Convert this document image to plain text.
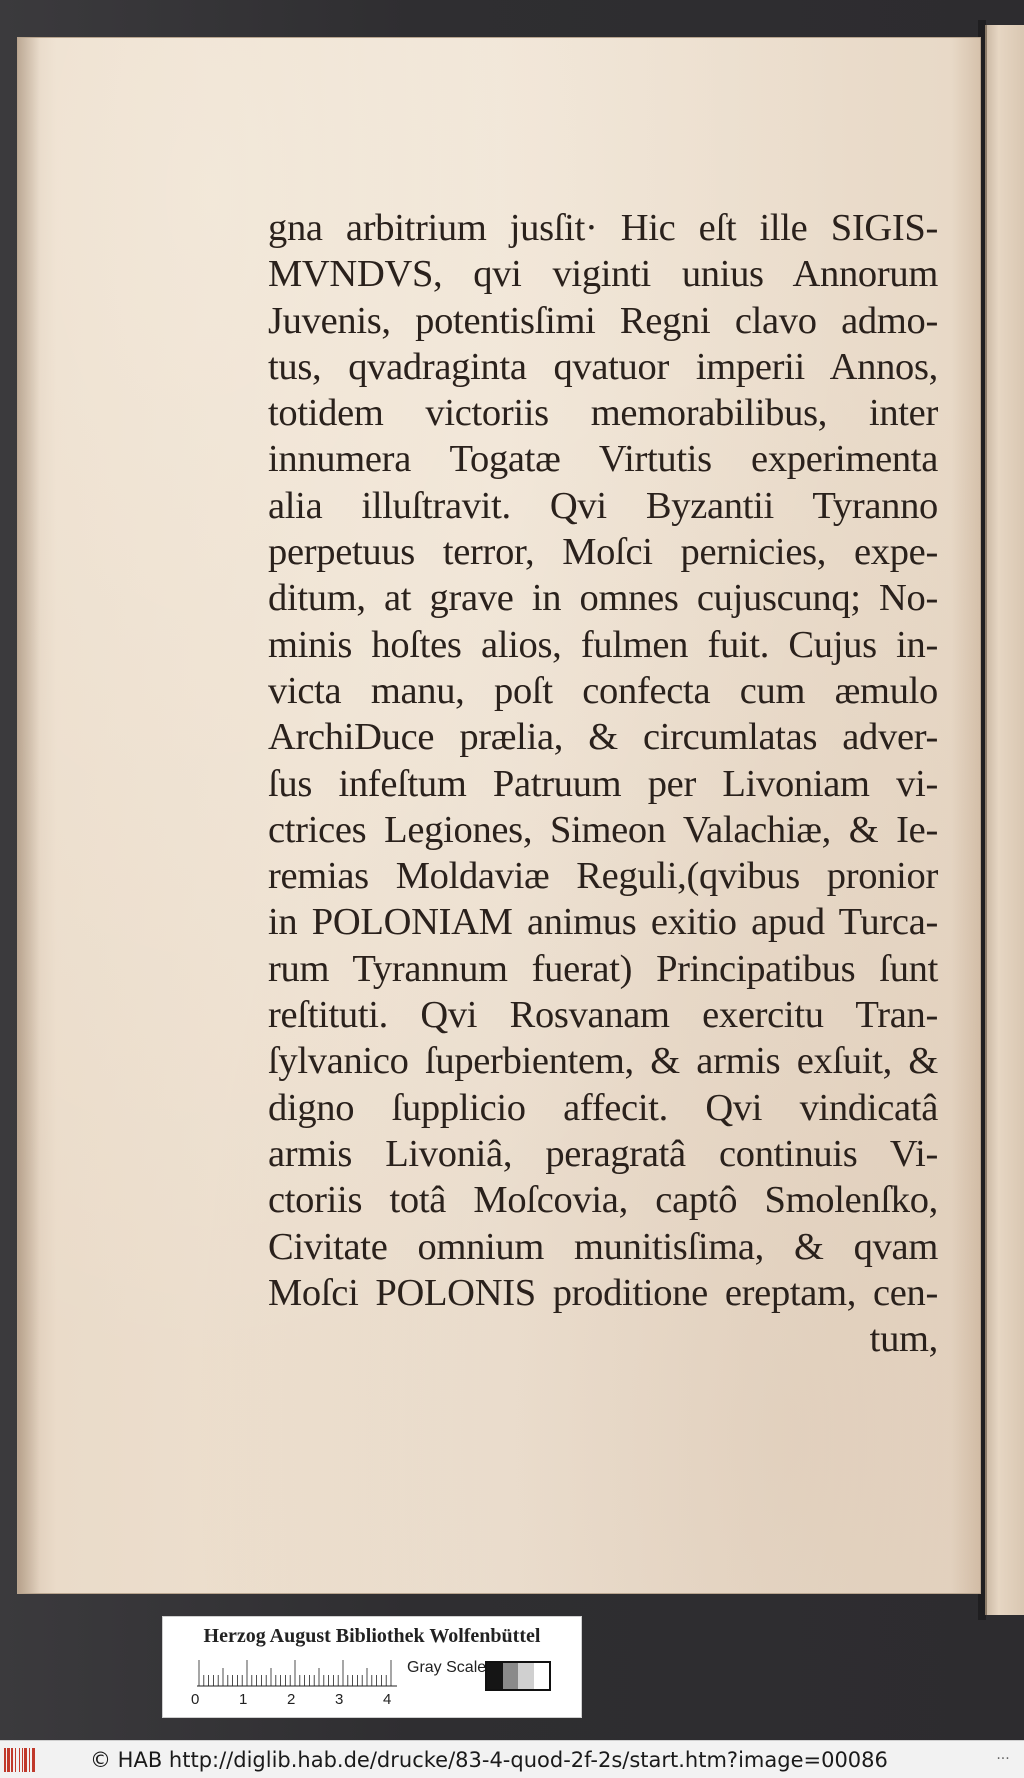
gna arbitrium jusſit· Hic eſt ille SIGIS-
MVNDVS, qvi viginti unius Annorum
Juvenis, potentisſimi Regni clavo admo-
tus, qvadraginta qvatuor imperii Annos,
totidem victoriis memorabilibus, inter
innumera Togatæ Virtutis experimenta
alia illuſtravit. Qvi Byzantii Tyranno
perpetuus terror, Moſci pernicies, expe-
ditum, at grave in omnes cujuscunq; No-
minis hoſtes alios, fulmen fuit. Cujus in-
victa manu, poſt confecta cum æmulo
ArchiDuce prælia, & circumlatas adver-
ſus infeſtum Patruum per Livoniam vi-
ctrices Legiones, Simeon Valachiæ, & Ie-
remias Moldaviæ Reguli,(qvibus pronior
in POLONIAM animus exitio apud Turca-
rum Tyrannum fuerat) Principatibus ſunt
reſtituti. Qvi Rosvanam exercitu Tran-
ſylvanico ſuperbientem, & armis exſuit, &
digno ſupplicio affecit. Qvi vindicatâ
armis Livoniâ, peragratâ continuis Vi-
ctoriis totâ Moſcovia, captô Smolenſko,
Civitate omnium munitisſima, & qvam
Moſci POLONIS proditione ereptam, cen-
tum,
Herzog August Bibliothek Wolfenbüttel
0	1	2	3	4
Gray Scale
© HAB http://diglib.hab.de/drucke/83-4-quod-2f-2s/start.htm?image=00086	···
